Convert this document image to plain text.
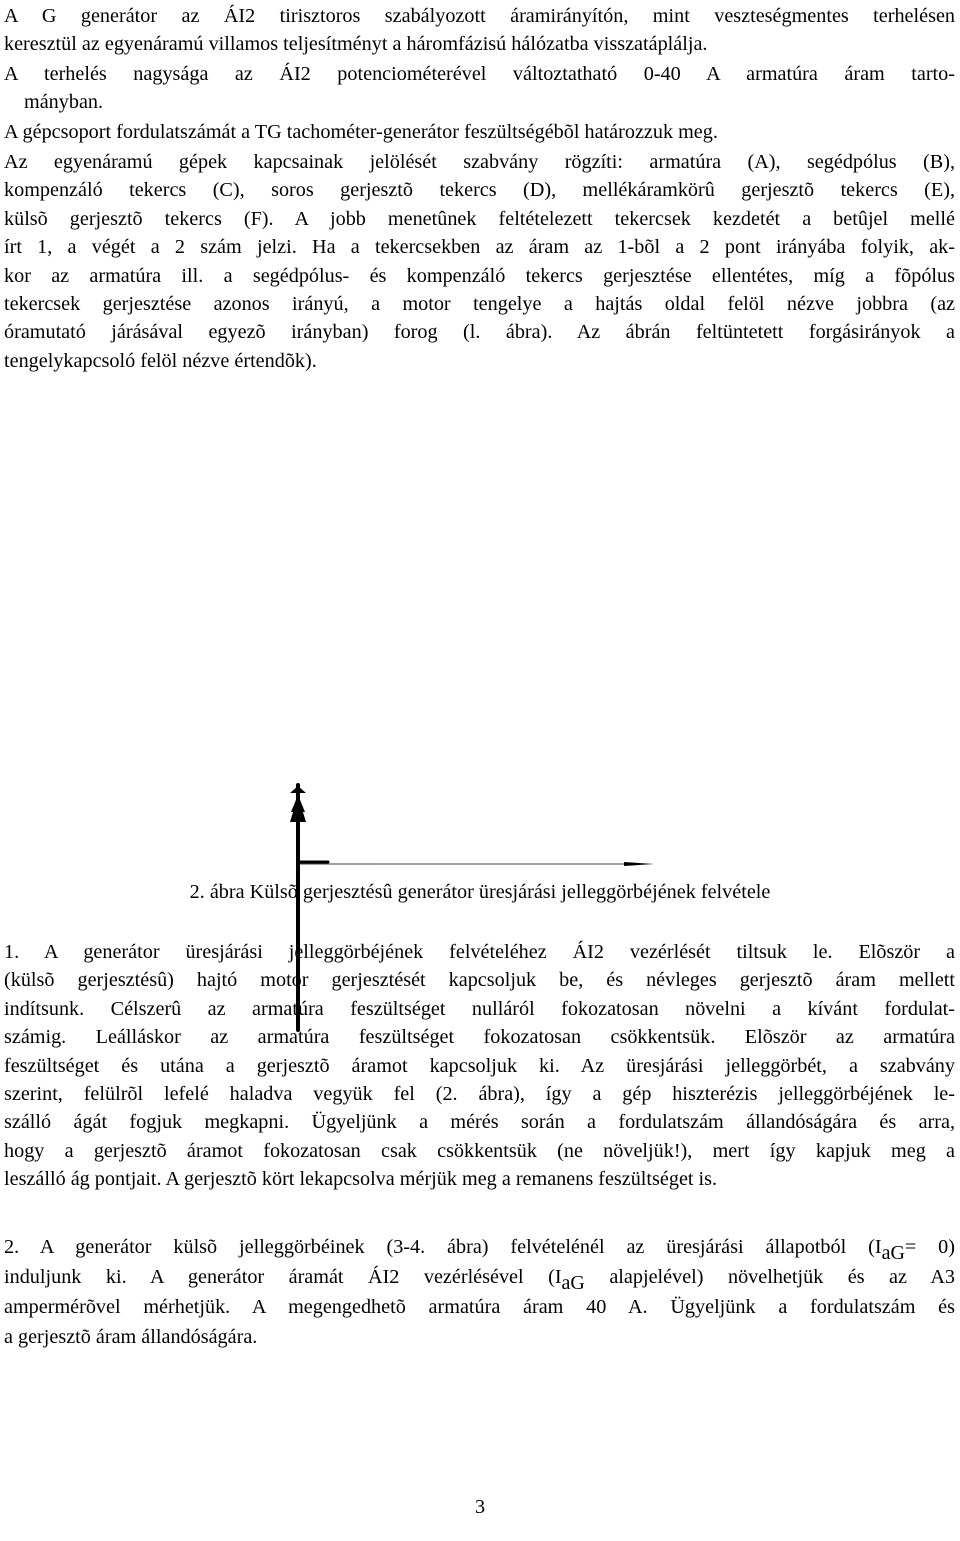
A G generátor az ÁI2 tirisztoros szabályozott áramirányítón, mint veszteségmentes terhelésen
keresztül az egyenáramú villamos teljesítményt a háromfázisú hálózatba visszatáplálja.

A terhelés nagysága az ÁI2 potenciométerével változtatható 0-40 A armatúra áram tarto-
mányban.

A gépcsoport fordulatszámát a TG tachométer-generátor feszültségébõl határozzuk meg.

Az egyenáramú gépek kapcsainak jelölését szabvány rögzíti: armatúra (A), segédpólus (B),
kompenzáló tekercs (C), soros gerjesztõ tekercs (D), mellékáramkörû gerjesztõ tekercs (E),
külsõ gerjesztõ tekercs (F). A jobb menetûnek feltételezett tekercsek kezdetét a betûjel mellé
írt 1, a végét a 2 szám jelzi. Ha a tekercsekben az áram az 1-bõl a 2 pont irányába folyik, ak-
kor az armatúra ill. a segédpólus- és kompenzáló tekercs gerjesztése ellentétes, míg a fõpólus
tekercsek gerjesztése azonos irányú, a motor tengelye a hajtás oldal felöl nézve jobbra (az
óramutató járásával egyezõ irányban) forog (l. ábra). Az ábrán feltüntetett forgásirányok a
tengelykapcsoló felöl nézve értendõk).

2. ábra Külsõ gerjesztésû generátor üresjárási jelleggörbéjének felvétele

1. A generátor üresjárási jelleggörbéjének felvételéhez ÁI2 vezérlését tiltsuk le. Elõször a
(külsõ gerjesztésû) hajtó motor gerjesztését kapcsoljuk be, és névleges gerjesztõ áram mellett
indítsunk. Célszerû az armatúra feszültséget nulláról fokozatosan növelni a kívánt fordulat-
számig. Leálláskor az armatúra feszültséget fokozatosan csökkentsük. Elõször az armatúra
feszültséget és utána a gerjesztõ áramot kapcsoljuk ki. Az üresjárási jelleggörbét, a szabvány
szerint, felülrõl lefelé haladva vegyük fel (2. ábra), így a gép hiszterézis jelleggörbéjének le-
szálló ágát fogjuk megkapni. Ügyeljünk a mérés során a fordulatszám állandóságára és arra,
hogy a gerjesztõ áramot fokozatosan csak csökkentsük (ne növeljük!), mert így kapjuk meg a
leszálló ág pontjait. A gerjesztõ kört lekapcsolva mérjük meg a remanens feszültséget is.

2. A generátor külsõ jelleggörbéinek (3-4. ábra) felvételénél az üresjárási állapotból (IaG= 0)
induljunk ki. A generátor áramát ÁI2 vezérlésével (IaG alapjelével) növelhetjük és az A3
ampermérõvel mérhetjük. A megengedhetõ armatúra áram 40 A. Ügyeljünk a fordulatszám és
a gerjesztõ áram állandóságára.

3
